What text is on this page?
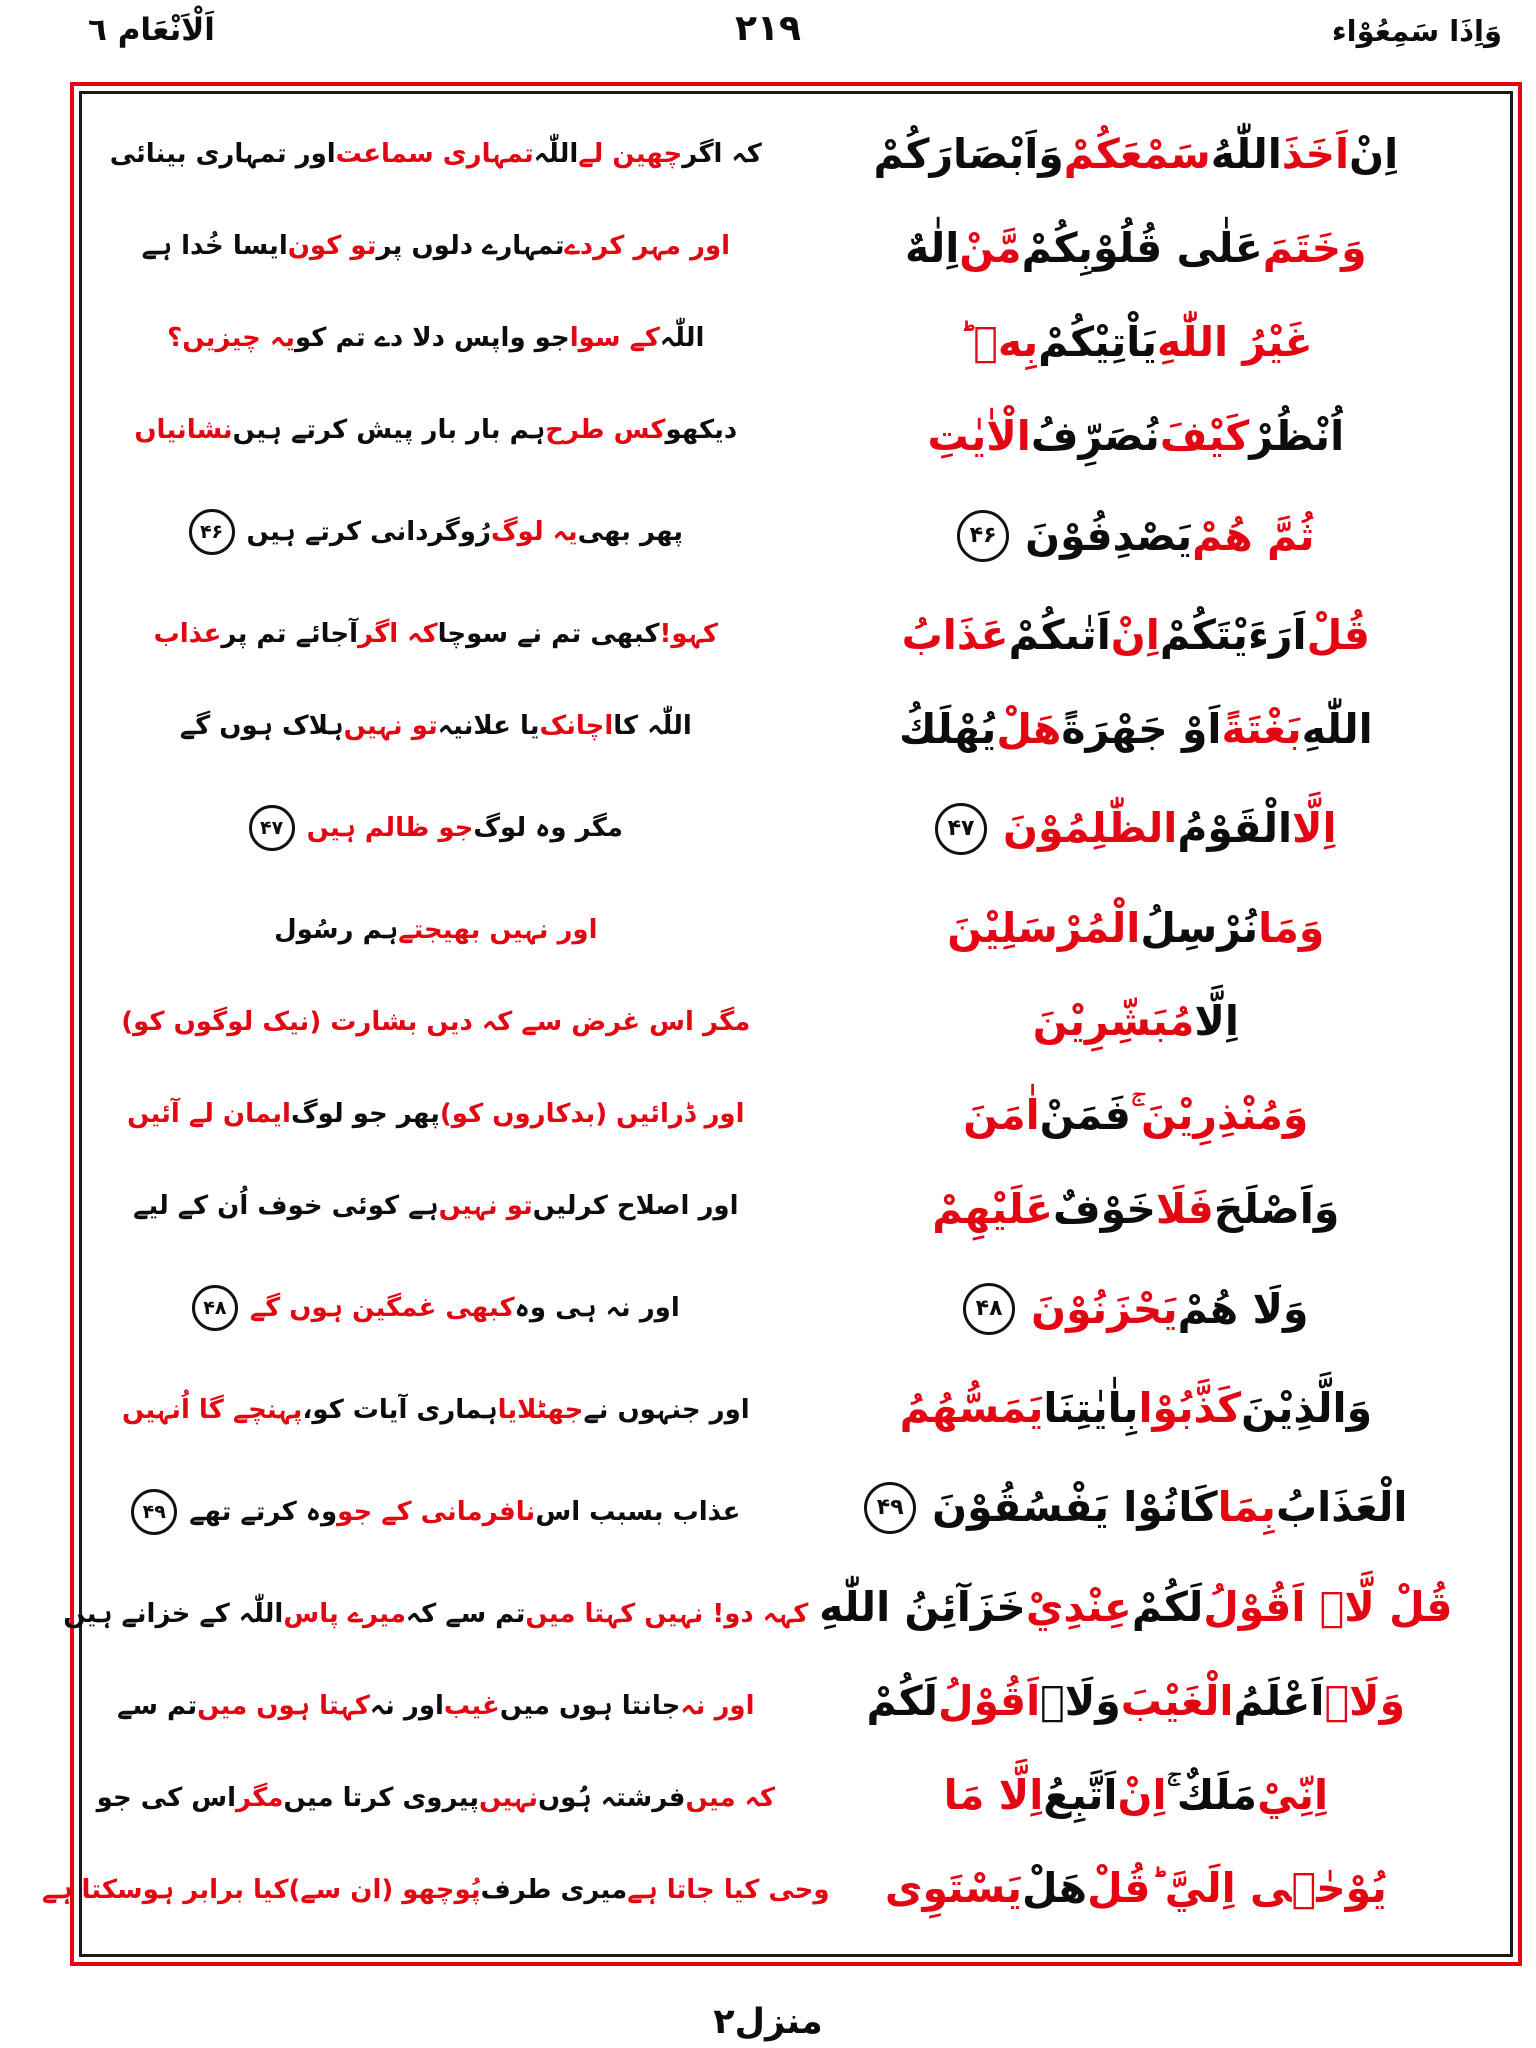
اَلْاَنْعَام ٦	٢١٩	وَاِذَا سَمِعُوْاء
اِنْ
اَخَذَ
اللّٰهُ
سَمْعَكُمْ
وَاَبْصَارَكُمْ
وَخَتَمَ
عَلٰى قُلُوْبِكُمْ
مَّنْ
اِلٰهٌ
غَيْرُ اللّٰهِ
يَاْتِيْكُمْ
بِهٖ ؕ
اُنْظُرْ
كَيْفَ
نُصَرِّفُ
الْاٰيٰتِ
ثُمَّ هُمْ
يَصْدِفُوْنَ
۴۶
قُلْ
اَرَءَيْتَكُمْ
اِنْ
اَتٰىكُمْ
عَذَابُ
اللّٰهِ
بَغْتَةً
اَوْ جَهْرَةً
هَلْ
يُهْلَكُ
اِلَّا
الْقَوْمُ
الظّٰلِمُوْنَ
۴۷
وَمَا
نُرْسِلُ
الْمُرْسَلِيْنَ
اِلَّا
مُبَشِّرِيْنَ
وَمُنْذِرِيْنَ ۚ
فَمَنْ
اٰمَنَ
وَاَصْلَحَ
فَلَا
خَوْفٌ
عَلَيْهِمْ
وَلَا هُمْ
يَحْزَنُوْنَ
۴۸
وَالَّذِيْنَ
كَذَّبُوْا
بِاٰيٰتِنَا
يَمَسُّهُمُ
الْعَذَابُ
بِمَا
كَانُوْا يَفْسُقُوْنَ
۴۹
قُلْ لَّاۤ اَقُوْلُ
لَكُمْ
عِنْدِيْ
خَزَآئِنُ اللّٰهِ
وَلَاۤ
اَعْلَمُ
الْغَيْبَ
وَلَاۤ
اَقُوْلُ
لَكُمْ
اِنِّيْ
مَلَكٌ ۚ
اِنْ
اَتَّبِعُ
اِلَّا مَا
يُوْحٰۤى اِلَيَّ ؕ
قُلْ
هَلْ
يَسْتَوِى
کہ اگر
چھین لے
اللّٰہ
تمہاری سماعت
اور تمہاری بینائی
اور مہر کردے
تمہارے دلوں پر
تو کون
ایسا خُدا ہے
اللّٰہ
کے سوا
جو واپس دلا دے تم کو
یہ چیزیں؟
دیکھو
کس طرح
ہم بار بار پیش کرتے ہیں
نشانیاں
پھر بھی
یہ لوگ
رُوگردانی کرتے ہیں
۴۶
کہو!
کبھی تم نے سوچا
کہ اگر
آجائے تم پر
عذاب
اللّٰہ کا
اچانک
یا علانیہ
تو نہیں
ہلاک ہوں گے
مگر وہ لوگ
جو ظالم ہیں
۴۷
اور نہیں بھیجتے
ہم رسُول
مگر اس غرض سے کہ دیں بشارت (نیک لوگوں کو)
اور ڈرائیں (بدکاروں کو)
پھر جو لوگ
ایمان لے آئیں
اور اصلاح کرلیں
تو نہیں
ہے کوئی خوف اُن کے لیے
اور نہ ہی وہ
کبھی غمگین ہوں گے
۴۸
اور جنہوں نے
جھٹلایا
ہماری آیات کو،
پہنچے گا اُنہیں
عذاب بسبب اس
نافرمانی کے جو
وہ کرتے تھے
۴۹
کہہ دو! نہیں کہتا میں
تم سے کہ
میرے پاس
اللّٰہ کے خزانے ہیں
اور نہ
جانتا ہوں میں
غیب
اور نہ
کہتا ہوں میں
تم سے
کہ میں
فرشتہ ہُوں
نہیں
پیروی کرتا میں
مگر
اس کی جو
وحی کیا جاتا ہے
میری طرف
پُوچھو (ان سے)
کیا برابر ہوسکتا ہے
منزل۲
